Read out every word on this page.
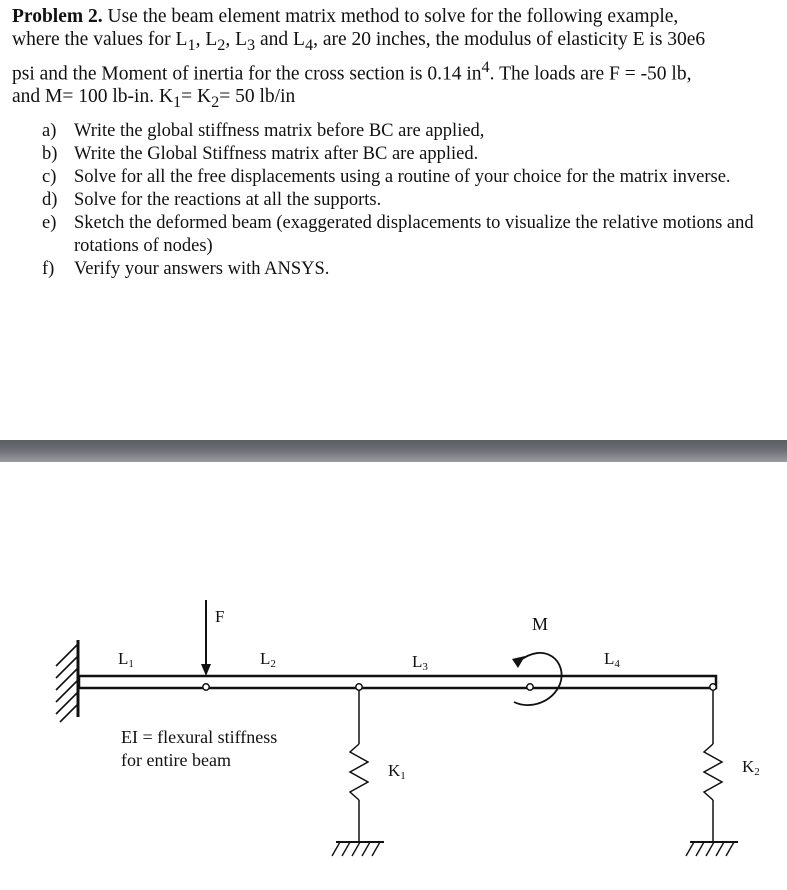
Problem 2. Use the beam element matrix method to solve for the following example,
where the values for $L_1$, $L_2$, $L_3$ and $L_4$, are 20 inches, the modulus of elasticity E is 30e6
psi and the Moment of inertia for the cross section is 0.14 $in^4$. The loads are F = -50 lb,
and M= 100 lb-in. $K_1= K_2= 50$ lb/in
a) Write the global stiffness matrix before BC are applied,
b) Write the Global Stiffness matrix after BC are applied.
c) Solve for all the free displacements using a routine of your choice for the matrix inverse.
d) Solve for the reactions at all the supports.
e) Sketch the deformed beam (exaggerated displacements to visualize the relative motions and rotations of nodes)
f) Verify your answers with ANSYS.
F	M
L1	L2	L3	L4
K1	K2
EI = flexural stiffness
for entire beam
